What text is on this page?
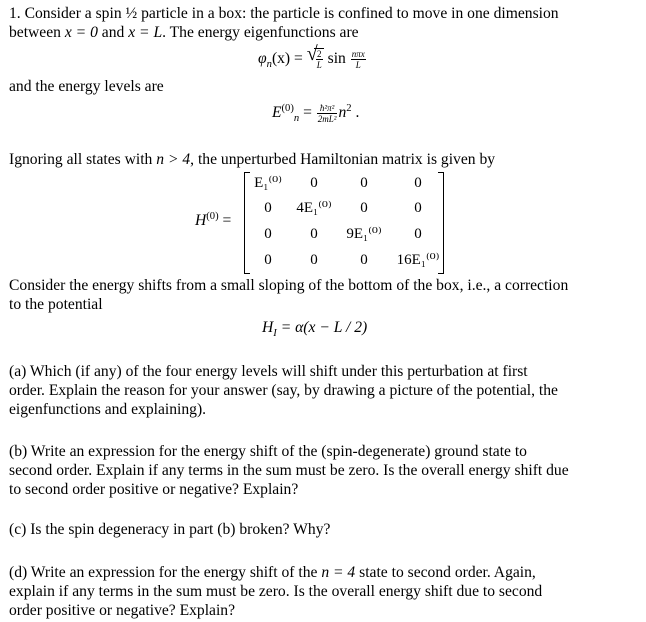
1. Consider a spin ½ particle in a box: the particle is confined to move in one dimension
between x = 0 and x = L. The energy eigenfunctions are
$\varphi_n(x)$ = √
$\frac{2}{L}$ $\sin \frac{\text{nπx}}{L}$
and the energy levels are
$E^{(0)}_n = \frac{\text{ħ²π²}}{\text{2mL²}} n^2$ .
Ignoring all states with n > 4, the unperturbed Hamiltonian matrix is given by
$H^{(0)}$ =
E₁⁽⁰⁾	0	0	0
0	4E₁⁽⁰⁾	0	0
0	0	9E₁⁽⁰⁾	0
0	0	0	16E₁⁽⁰⁾
Consider the energy shifts from a small sloping of the bottom of the box, i.e., a correction
to the potential
$H_I = \alpha(x - L / 2)$
(a) Which (if any) of the four energy levels will shift under this perturbation at first
order. Explain the reason for your answer (say, by drawing a picture of the potential, the
eigenfunctions and explaining).
(b) Write an expression for the energy shift of the (spin-degenerate) ground state to
second order. Explain if any terms in the sum must be zero. Is the overall energy shift due
to second order positive or negative? Explain?
(c) Is the spin degeneracy in part (b) broken? Why?
(d) Write an expression for the energy shift of the n = 4 state to second order. Again,
explain if any terms in the sum must be zero. Is the overall energy shift due to second
order positive or negative? Explain?
